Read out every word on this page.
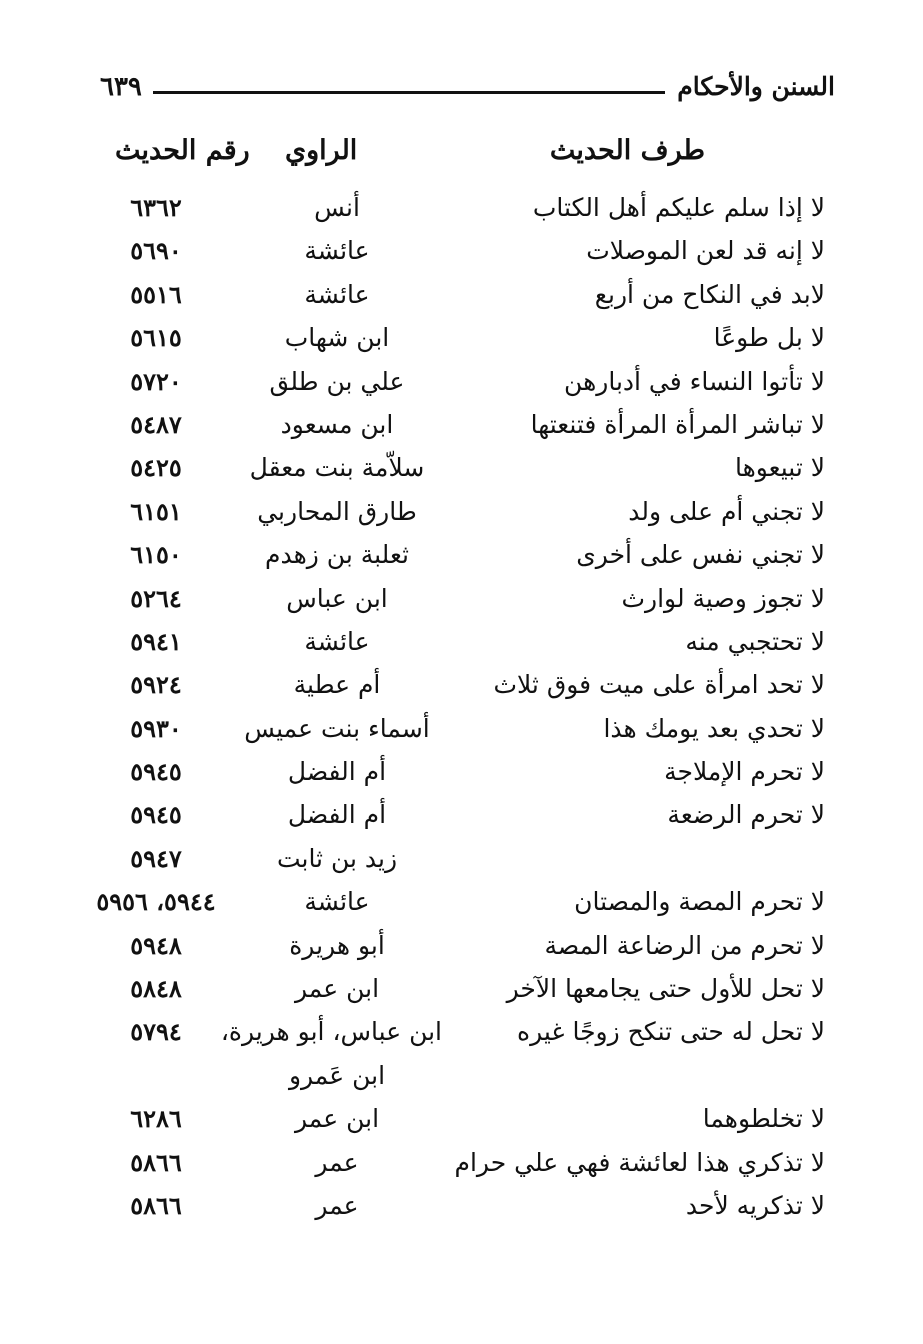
٦٣٩	السنن والأحكام
طرف الحديث
الراوي
رقم الحديث
لا إذا سلم عليكم أهل الكتاب
أنس
٦٣٦٢
لا إنه قد لعن الموصلات
عائشة
٥٦٩٠
لابد في النكاح من أربع
عائشة
٥٥١٦
لا بل طوعًا
ابن شهاب
٥٦١٥
لا تأتوا النساء في أدبارهن
علي بن طلق
٥٧٢٠
لا تباشر المرأة المرأة فتنعتها
ابن مسعود
٥٤٨٧
لا تبيعوها
سلاّمة بنت معقل
٥٤٢٥
لا تجني أم على ولد
طارق المحاربي
٦١٥١
لا تجني نفس على أخرى
ثعلبة بن زهدم
٦١٥٠
لا تجوز وصية لوارث
ابن عباس
٥٢٦٤
لا تحتجبي منه
عائشة
٥٩٤١
لا تحد امرأة على ميت فوق ثلاث
أم عطية
٥٩٢٤
لا تحدي بعد يومك هذا
أسماء بنت عميس
٥٩٣٠
لا تحرم الإملاجة
أم الفضل
٥٩٤٥
لا تحرم الرضعة
أم الفضل
٥٩٤٥
زيد بن ثابت
٥٩٤٧
لا تحرم المصة والمصتان
عائشة
٥٩٤٤، ٥٩٥٦
لا تحرم من الرضاعة المصة
أبو هريرة
٥٩٤٨
لا تحل للأول حتى يجامعها الآخر
ابن عمر
٥٨٤٨
لا تحل له حتى تنكح زوجًا غيره
ابن عباس، أبو هريرة،
٥٧٩٤
ابن عَمرو
لا تخلطوهما
ابن عمر
٦٢٨٦
لا تذكري هذا لعائشة فهي علي حرام
عمر
٥٨٦٦
لا تذكريه لأحد
عمر
٥٨٦٦
